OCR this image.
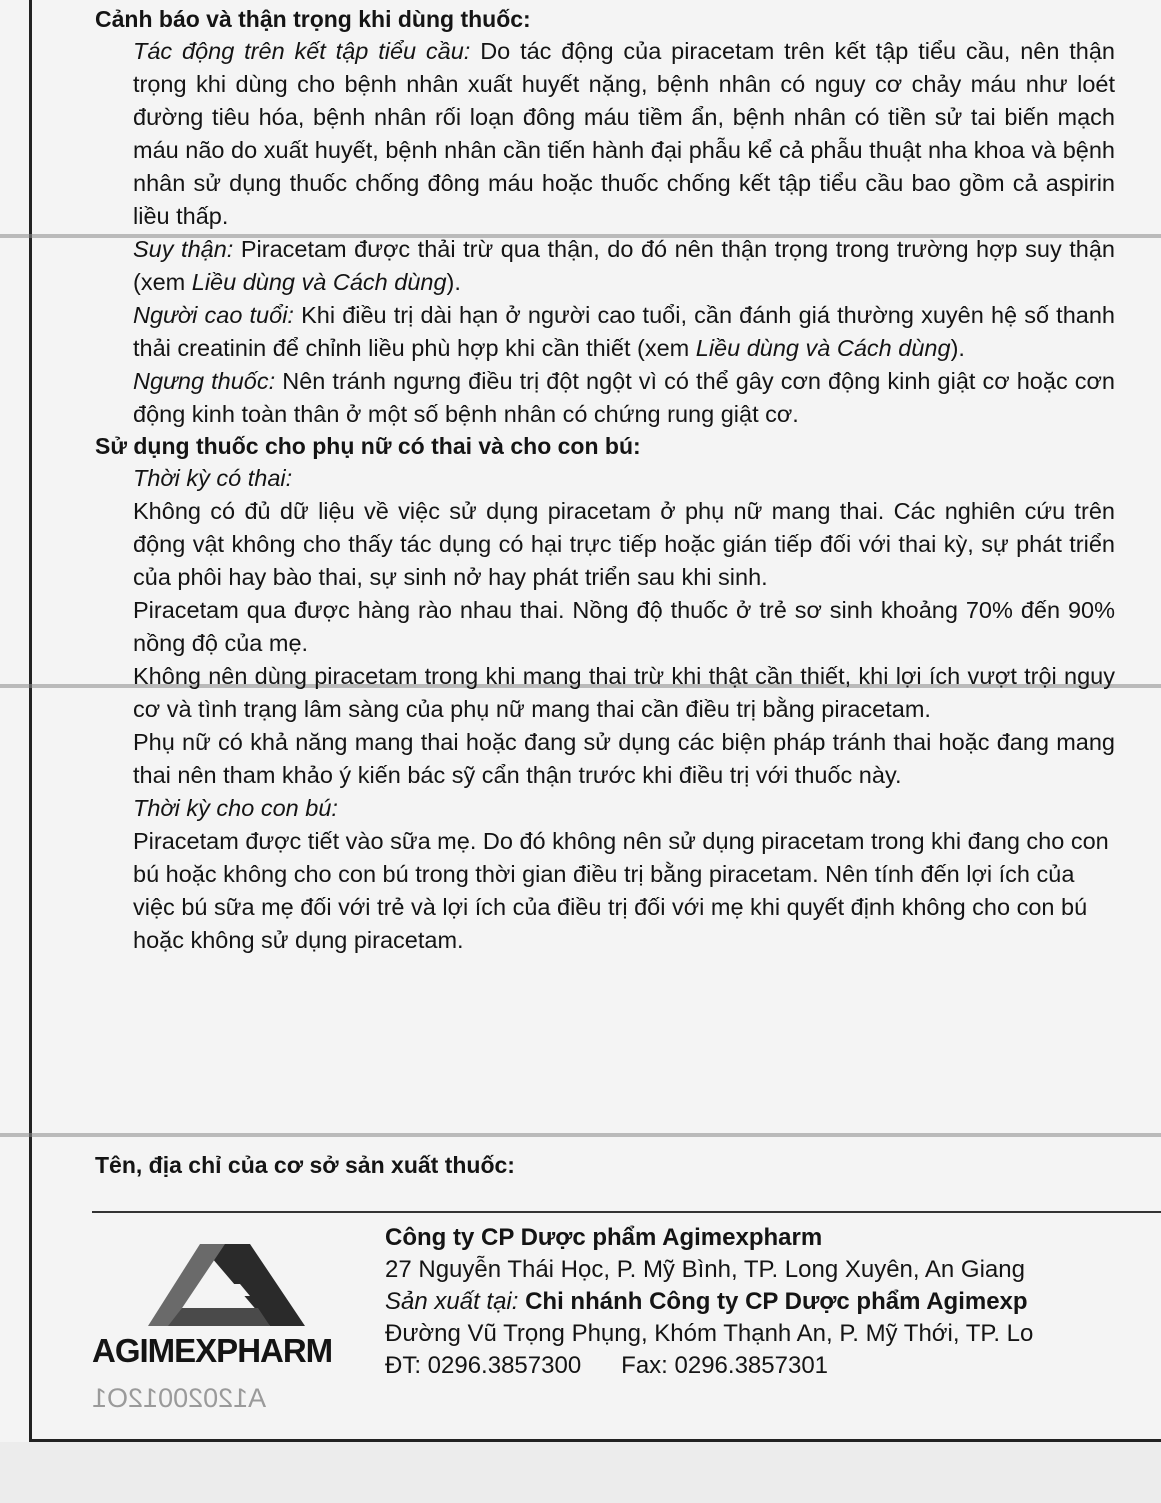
Cảnh báo và thận trọng khi dùng thuốc:

Tác động trên kết tập tiểu cầu: Do tác động của piracetam trên kết tập tiểu cầu, nên thận trọng khi dùng cho bệnh nhân xuất huyết nặng, bệnh nhân có nguy cơ chảy máu như loét đường tiêu hóa, bệnh nhân rối loạn đông máu tiềm ẩn, bệnh nhân có tiền sử tai biến mạch máu não do xuất huyết, bệnh nhân cần tiến hành đại phẫu kể cả phẫu thuật nha khoa và bệnh nhân sử dụng thuốc chống đông máu hoặc thuốc chống kết tập tiểu cầu bao gồm cả aspirin liều thấp.

Suy thận: Piracetam được thải trừ qua thận, do đó nên thận trọng trong trường hợp suy thận (xem Liều dùng và Cách dùng).

Người cao tuổi: Khi điều trị dài hạn ở người cao tuổi, cần đánh giá thường xuyên hệ số thanh thải creatinin để chỉnh liều phù hợp khi cần thiết (xem Liều dùng và Cách dùng).

Ngưng thuốc: Nên tránh ngưng điều trị đột ngột vì có thể gây cơn động kinh giật cơ hoặc cơn động kinh toàn thân ở một số bệnh nhân có chứng rung giật cơ.

Sử dụng thuốc cho phụ nữ có thai và cho con bú:

Thời kỳ có thai:

Không có đủ dữ liệu về việc sử dụng piracetam ở phụ nữ mang thai. Các nghiên cứu trên động vật không cho thấy tác dụng có hại trực tiếp hoặc gián tiếp đối với thai kỳ, sự phát triển của phôi hay bào thai, sự sinh nở hay phát triển sau khi sinh.

Piracetam qua được hàng rào nhau thai. Nồng độ thuốc ở trẻ sơ sinh khoảng 70% đến 90% nồng độ của mẹ.

Không nên dùng piracetam trong khi mang thai trừ khi thật cần thiết, khi lợi ích vượt trội nguy cơ và tình trạng lâm sàng của phụ nữ mang thai cần điều trị bằng piracetam.

Phụ nữ có khả năng mang thai hoặc đang sử dụng các biện pháp tránh thai hoặc đang mang thai nên tham khảo ý kiến bác sỹ cẩn thận trước khi điều trị với thuốc này.

Thời kỳ cho con bú:

Piracetam được tiết vào sữa mẹ. Do đó không nên sử dụng piracetam trong khi đang cho con bú hoặc không cho con bú trong thời gian điều trị bằng piracetam. Nên tính đến lợi ích của việc bú sữa mẹ đối với trẻ và lợi ích của điều trị đối với mẹ khi quyết định không cho con bú hoặc không sử dụng piracetam.

Tên, địa chỉ của cơ sở sản xuất thuốc:
AGIMEXPHARM
A12020012O1
Công ty CP Dược phẩm Agimexpharm
27 Nguyễn Thái Học, P. Mỹ Bình, TP. Long Xuyên, An Giang
Sản xuất tại: Chi nhánh Công ty CP Dược phẩm Agimexp
Đường Vũ Trọng Phụng, Khóm Thạnh An, P. Mỹ Thới, TP. Lo
ĐT: 0296.3857300 Fax: 0296.3857301
